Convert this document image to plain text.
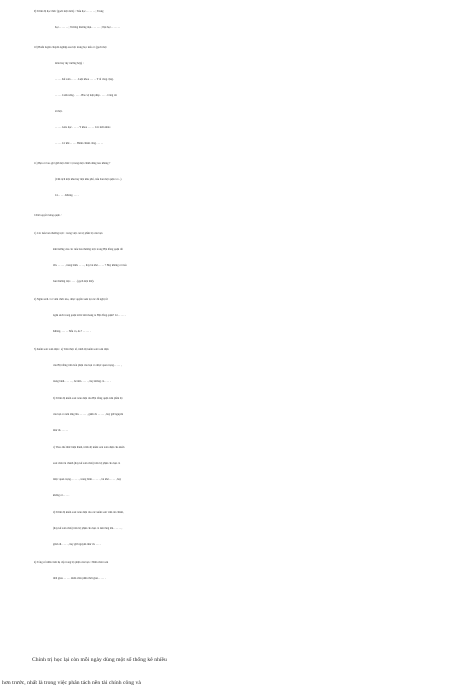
9) Trình độ học thức (gạch một môn) : Tiểu học. . . . . . . ; Trung
học. . . . . . . ; Trường thương mại. . . . . . . ; Đại học. . . . . . .
10) Huấn luyện chuyên nghiệp sau bậc trung học nếu có (gạch một
môn hay tùy trường hợp) :
. . . . . Kế toán . . . . . Luật khoa . . . . . Y tế công cộng.
. . . . . Canh nông . . . . . Bảo vệ luật pháp . . . . . Công tác
xã hội.
. . . . . Giáo dục . . . . . Y khoa . . . . . Các môn khác.
. . . . . Cơ khí . . . . . Hành chánh công . . . . .
11) Bạn có bao giờ giữ một chức vị trong một chính đảng nào không ?
(Chủ tịch một khu hay một khu phố, tiểu ban một quận v.v...)
Có. . . . . Không. . . . .
Chính quyền hàng quận :
1) Các tiểu ban thường trực : trong việc cai trị phần bộ của bạn
ảnh hưởng của các tiểu ban thường trực trong Hội đồng quận rất
lớn. . . . . . , trung bình. . . . . , hay bé nhỏ. . . . . ? Hay không có tiểu
ban thường trực. . . . . (gạch một thứ).
2) Ngân sách. Có viên chức nào, được quyền xem lại các đề nghị về
ngân sách trong quận trước khi mang ra Hội đồng quận? Có. . . . . .
Không. . . . . . Nếu có, Ai ? . . . . . .
3) Kiểm soát toàn diện : a) Trên thực tế, trình độ kiểm soát toàn diện
của Hội đồng trên bổn phận của bạn có được quan trọng. . . . . ,
trung bình. . . . . . , bé nhỏ. . . . . , hay không có. . . . .
b) Trình độ kiểm soát toàn diện của Hội đồng quận trên phần bộ
của bạn có nên tăng lên. . . . . . , giảm đi. . . . . . , hay giữ nguyên
như cũ. . . . . .
c) Theo thể thức hiện hành, trình độ kiểm soát toàn diện của kiểm
soát viên tài chánh (hay kế toán viên) trên bộ phận của bạn có
được quan trọng. . . . . . , trung bình. . . . . . , bé nhỏ. . . . . , hay
không có. . . . .
d) Trình độ kiểm soát toàn diện của các kiểm soát viên tài chánh,
(hay kế toán viên) trên bộ phận của bạn có nên tăng lên. . . . . . ,
giảm đi. . . . . , hay giữ nguyên như cũ. . . . .
4) Tổng số nhân viên hạ cấp trong bộ phận của bạn : Nhân viên toàn
thời gian. . . . . . nhân viên phân thời gian. . . . . .
Chính trị học lại còn mỗi ngày dùng một số thống kê nhiều
hơn trước, nhất là trong việc phân tách nền tài chính công và
